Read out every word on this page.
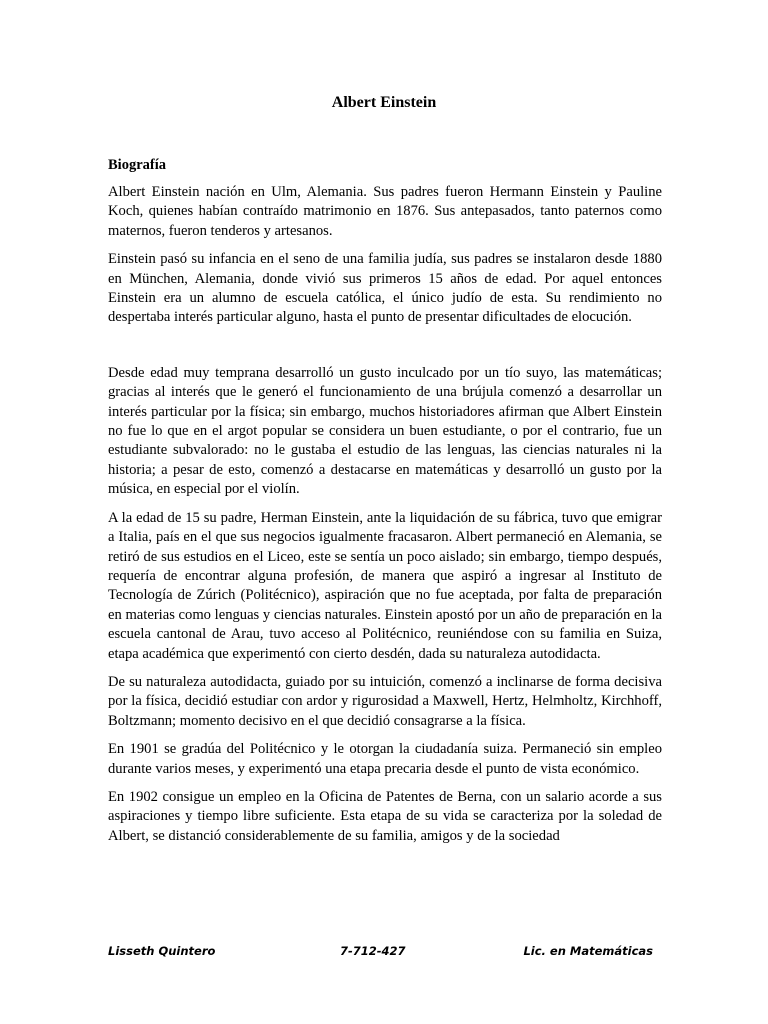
Albert Einstein
Biografía

Albert Einstein nación en Ulm, Alemania. Sus padres fueron Hermann Einstein y Pauline Koch, quienes habían contraído matrimonio en 1876. Sus antepasados, tanto paternos como maternos, fueron tenderos y artesanos.

Einstein pasó su infancia en el seno de una familia judía, sus padres se instalaron desde 1880 en München, Alemania, donde vivió sus primeros 15 años de edad. Por aquel entonces Einstein era un alumno de escuela católica, el único judío de esta. Su rendimiento no despertaba interés particular alguno, hasta el punto de presentar dificultades de elocución.

Desde edad muy temprana desarrolló un gusto inculcado por un tío suyo, las matemáticas; gracias al interés que le generó el funcionamiento de una brújula comenzó a desarrollar un interés particular por la física; sin embargo, muchos historiadores afirman que Albert Einstein no fue lo que en el argot popular se considera un buen estudiante, o por el contrario, fue un estudiante subvalorado: no le gustaba el estudio de las lenguas, las ciencias naturales ni la historia; a pesar de esto, comenzó a destacarse en matemáticas y desarrolló un gusto por la música, en especial por el violín.

A la edad de 15 su padre, Herman Einstein, ante la liquidación de su fábrica, tuvo que emigrar a Italia, país en el que sus negocios igualmente fracasaron. Albert permaneció en Alemania, se retiró de sus estudios en el Liceo, este se sentía un poco aislado; sin embargo, tiempo después, requería de encontrar alguna profesión, de manera que aspiró a ingresar al Instituto de Tecnología de Zúrich (Politécnico), aspiración que no fue aceptada, por falta de preparación en materias como lenguas y ciencias naturales. Einstein apostó por un año de preparación en la escuela cantonal de Arau, tuvo acceso al Politécnico, reuniéndose con su familia en Suiza, etapa académica que experimentó con cierto desdén, dada su naturaleza autodidacta.

De su naturaleza autodidacta, guiado por su intuición, comenzó a inclinarse de forma decisiva por la física, decidió estudiar con ardor y rigurosidad a Maxwell, Hertz, Helmholtz, Kirchhoff, Boltzmann; momento decisivo en el que decidió consagrarse a la física.

En 1901 se gradúa del Politécnico y le otorgan la ciudadanía suiza. Permaneció sin empleo durante varios meses, y experimentó una etapa precaria desde el punto de vista económico.

En 1902 consigue un empleo en la Oficina de Patentes de Berna, con un salario acorde a sus aspiraciones y tiempo libre suficiente. Esta etapa de su vida se caracteriza por la soledad de Albert, se distanció considerablemente de su familia, amigos y de la sociedad

Lisseth Quintero	7-712-427	Lic. en Matemáticas
